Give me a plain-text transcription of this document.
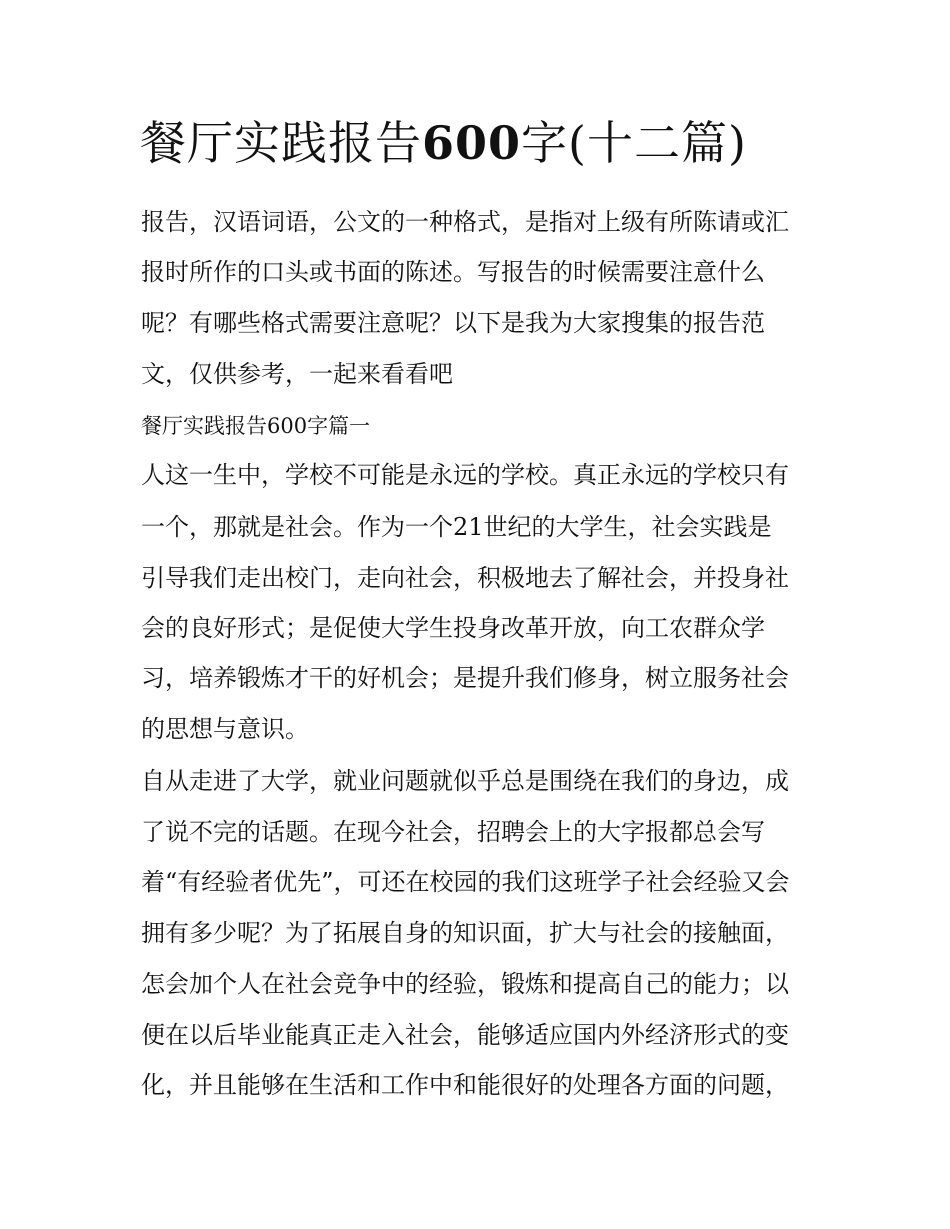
餐厅实践报告600字(十二篇)

报告，汉语词语，公文的一种格式，是指对上级有所陈请或汇

报时所作的口头或书面的陈述。写报告的时候需要注意什么

呢？有哪些格式需要注意呢？以下是我为大家搜集的报告范

文，仅供参考，一起来看看吧

餐厅实践报告600字篇一

人这一生中，学校不可能是永远的学校。真正永远的学校只有

一个，那就是社会。作为一个21世纪的大学生，社会实践是

引导我们走出校门，走向社会，积极地去了解社会，并投身社

会的良好形式；是促使大学生投身改革开放，向工农群众学

习，培养锻炼才干的好机会；是提升我们修身，树立服务社会

的思想与意识。

自从走进了大学，就业问题就似乎总是围绕在我们的身边，成

了说不完的话题。在现今社会，招聘会上的大字报都总会写

着“有经验者优先”，可还在校园的我们这班学子社会经验又会

拥有多少呢？为了拓展自身的知识面，扩大与社会的接触面，

怎会加个人在社会竞争中的经验，锻炼和提高自己的能力；以

便在以后毕业能真正走入社会，能够适应国内外经济形式的变

化，并且能够在生活和工作中和能很好的处理各方面的问题，
